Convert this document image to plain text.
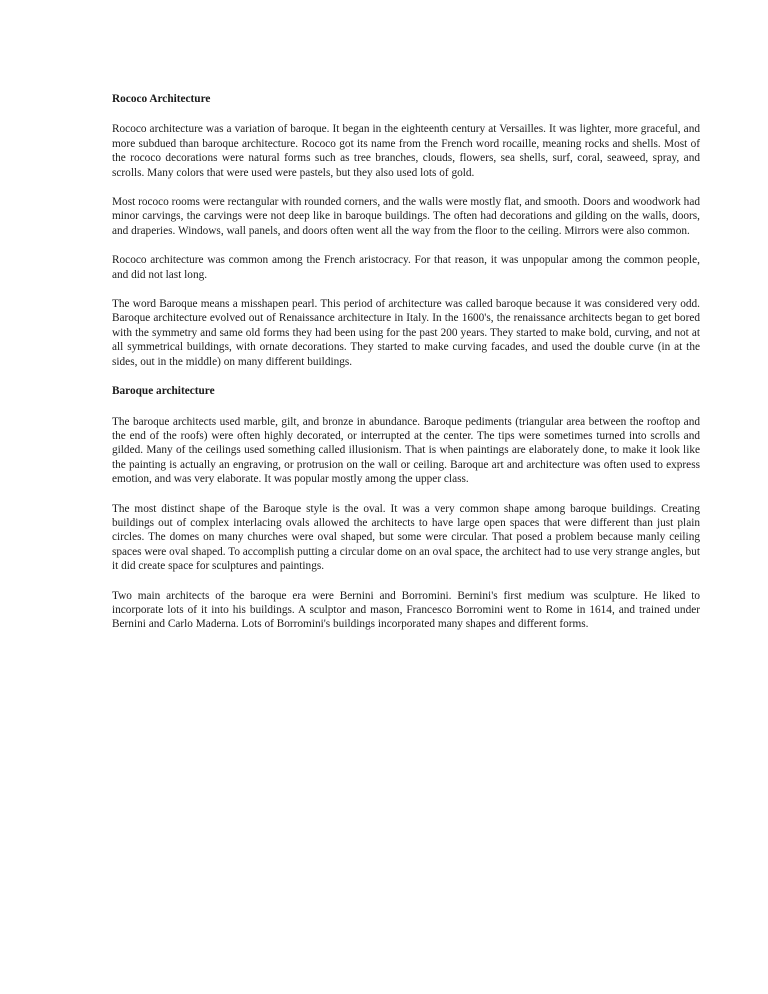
Rococo Architecture

Rococo architecture was a variation of baroque. It began in the eighteenth century at Versailles. It was lighter, more graceful, and more subdued than baroque architecture. Rococo got its name from the French word rocaille, meaning rocks and shells. Most of the rococo decorations were natural forms such as tree branches, clouds, flowers, sea shells, surf, coral, seaweed, spray, and scrolls. Many colors that were used were pastels, but they also used lots of gold.

Most rococo rooms were rectangular with rounded corners, and the walls were mostly flat, and smooth. Doors and woodwork had minor carvings, the carvings were not deep like in baroque buildings. The often had decorations and gilding on the walls, doors, and draperies. Windows, wall panels, and doors often went all the way from the floor to the ceiling. Mirrors were also common.

Rococo architecture was common among the French aristocracy. For that reason, it was unpopular among the common people, and did not last long.

The word Baroque means a misshapen pearl. This period of architecture was called baroque because it was considered very odd. Baroque architecture evolved out of Renaissance architecture in Italy. In the 1600's, the renaissance architects began to get bored with the symmetry and same old forms they had been using for the past 200 years. They started to make bold, curving, and not at all symmetrical buildings, with ornate decorations. They started to make curving facades, and used the double curve (in at the sides, out in the middle) on many different buildings.

Baroque architecture

The baroque architects used marble, gilt, and bronze in abundance. Baroque pediments (triangular area between the rooftop and the end of the roofs) were often highly decorated, or interrupted at the center. The tips were sometimes turned into scrolls and gilded. Many of the ceilings used something called illusionism. That is when paintings are elaborately done, to make it look like the painting is actually an engraving, or protrusion on the wall or ceiling. Baroque art and architecture was often used to express emotion, and was very elaborate. It was popular mostly among the upper class.

The most distinct shape of the Baroque style is the oval. It was a very common shape among baroque buildings. Creating buildings out of complex interlacing ovals allowed the architects to have large open spaces that were different than just plain circles. The domes on many churches were oval shaped, but some were circular. That posed a problem because manly ceiling spaces were oval shaped. To accomplish putting a circular dome on an oval space, the architect had to use very strange angles, but it did create space for sculptures and paintings.

Two main architects of the baroque era were Bernini and Borromini. Bernini's first medium was sculpture. He liked to incorporate lots of it into his buildings. A sculptor and mason, Francesco Borromini went to Rome in 1614, and trained under Bernini and Carlo Maderna. Lots of Borromini's buildings incorporated many shapes and different forms.
